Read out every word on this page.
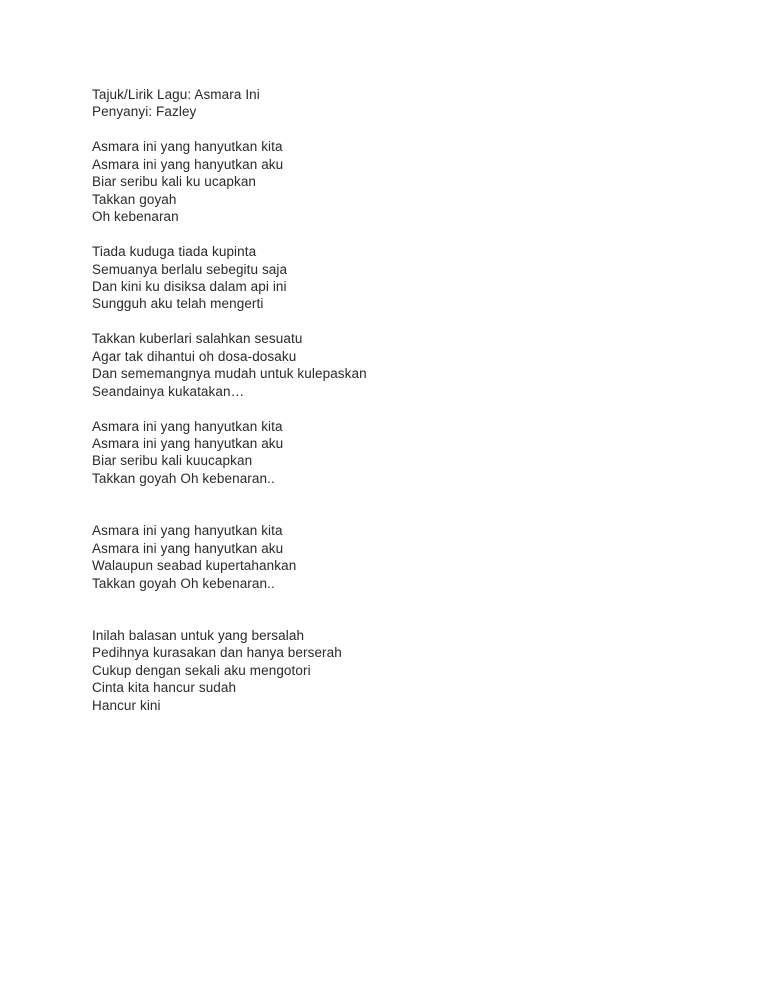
Tajuk/Lirik Lagu: Asmara Ini
Penyanyi: Fazley
Asmara ini yang hanyutkan kita
Asmara ini yang hanyutkan aku
Biar seribu kali ku ucapkan
Takkan goyah
Oh kebenaran
Tiada kuduga tiada kupinta
Semuanya berlalu sebegitu saja
Dan kini ku disiksa dalam api ini
Sungguh aku telah mengerti
Takkan kuberlari salahkan sesuatu
Agar tak dihantui oh dosa-dosaku
Dan sememangnya mudah untuk kulepaskan
Seandainya kukatakan…
Asmara ini yang hanyutkan kita
Asmara ini yang hanyutkan aku
Biar seribu kali kuucapkan
Takkan goyah Oh kebenaran..
Asmara ini yang hanyutkan kita
Asmara ini yang hanyutkan aku
Walaupun seabad kupertahankan
Takkan goyah Oh kebenaran..
Inilah balasan untuk yang bersalah
Pedihnya kurasakan dan hanya berserah
Cukup dengan sekali aku mengotori
Cinta kita hancur sudah
Hancur kini
